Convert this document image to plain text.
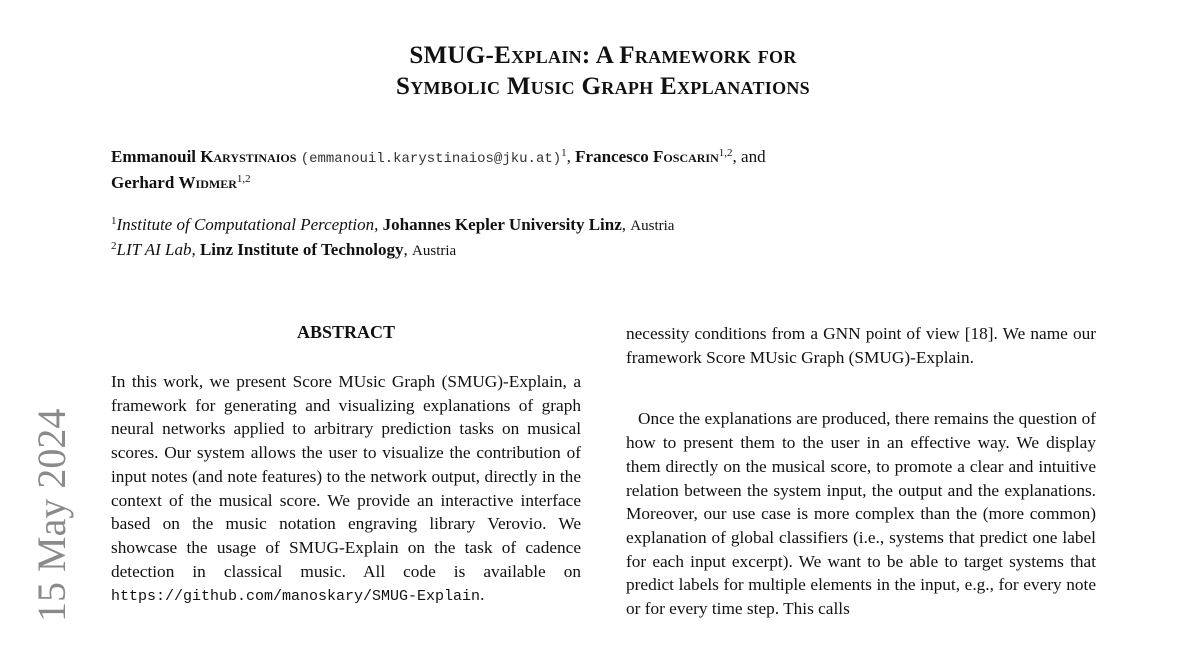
SMUG-Explain: A Framework for
Symbolic Music Graph Explanations
Emmanouil Karystinaios (emmanouil.karystinaios@jku.at)$^1$, Francesco Foscarin$^{1,2}$, and
Gerhard Widmer$^{1,2}$
$^1$Institute of Computational Perception, Johannes Kepler University Linz, Austria
$^2$LIT AI Lab, Linz Institute of Technology, Austria
15 May 2024
ABSTRACT

In this work, we present Score MUsic Graph (SMUG)-Explain, a framework for generating and visualizing explanations of graph neural networks applied to arbitrary prediction tasks on musical scores. Our system allows the user to visualize the contribution of input notes (and note features) to the network output, directly in the context of the musical score. We provide an interactive interface based on the music notation engraving library Verovio. We showcase the usage of SMUG-Explain on the task of cadence detection in classical music. All code is available on https://github.com/manoskary/SMUG-Explain.

necessity conditions from a GNN point of view [18]. We name our framework Score MUsic Graph (SMUG)-Explain.

Once the explanations are produced, there remains the question of how to present them to the user in an effective way. We display them directly on the musical score, to promote a clear and intuitive relation between the system input, the output and the explanations. Moreover, our use case is more complex than the (more common) explanation of global classifiers (i.e., systems that predict one label for each input excerpt). We want to be able to target systems that predict labels for multiple elements in the input, e.g., for every note or for every time step. This calls
